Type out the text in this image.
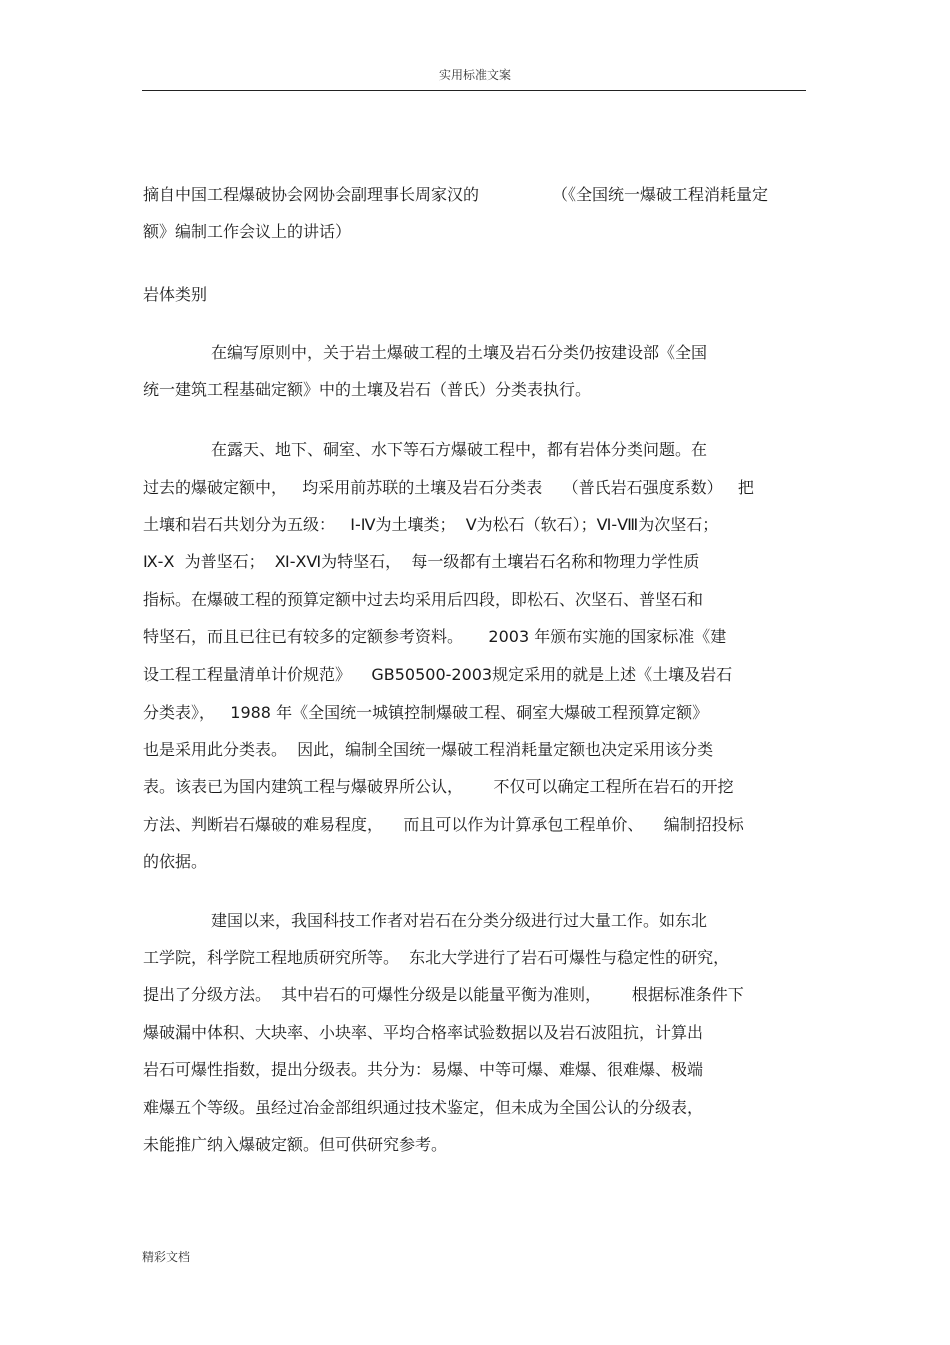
实用标准文案
摘自中国工程爆破协会网协会副理事长周家汉的	（《全国统一爆破工程消耗量定
额》编制工作会议上的讲话）
岩体类别
在编写原则中，关于岩土爆破工程的土壤及岩石分类仍按建设部《全国
统一建筑工程基础定额》中的土壤及岩石（普氏）分类表执行。
在露天、地下、硐室、水下等石方爆破工程中，都有岩体分类问题。在
过去的爆破定额中，   均采用前苏联的土壤及岩石分类表    （普氏岩石强度系数）   把
土壤和岩石共划分为五级：   Ⅰ-Ⅳ为土壤类；  Ⅴ为松石（软石）；Ⅵ-Ⅷ为次坚石；
Ⅸ-Ⅹ  为普坚石；  Ⅺ-ⅩⅥ为特坚石，  每一级都有土壤岩石名称和物理力学性质
指标。在爆破工程的预算定额中过去均采用后四段，即松石、次坚石、普坚石和
特坚石，而且已往已有较多的定额参考资料。     2003 年颁布实施的国家标准《建
设工程工程量清单计价规范》    GB50500-2003规定采用的就是上述《土壤及岩石
分类表》，   1988 年《全国统一城镇控制爆破工程、硐室大爆破工程预算定额》
也是采用此分类表。  因此，编制全国统一爆破工程消耗量定额也决定采用该分类
表。该表已为国内建筑工程与爆破界所公认，      不仅可以确定工程所在岩石的开挖
方法、判断岩石爆破的难易程度，    而且可以作为计算承包工程单价、    编制招投标
的依据。
建国以来，我国科技工作者对岩石在分类分级进行过大量工作。如东北
工学院，科学院工程地质研究所等。  东北大学进行了岩石可爆性与稳定性的研究，
提出了分级方法。  其中岩石的可爆性分级是以能量平衡为准则，      根据标准条件下
爆破漏中体积、大块率、小块率、平均合格率试验数据以及岩石波阻抗，计算出
岩石可爆性指数，提出分级表。共分为：易爆、中等可爆、难爆、很难爆、极端
难爆五个等级。虽经过冶金部组织通过技术鉴定，但未成为全国公认的分级表，
未能推广纳入爆破定额。但可供研究参考。
精彩文档
